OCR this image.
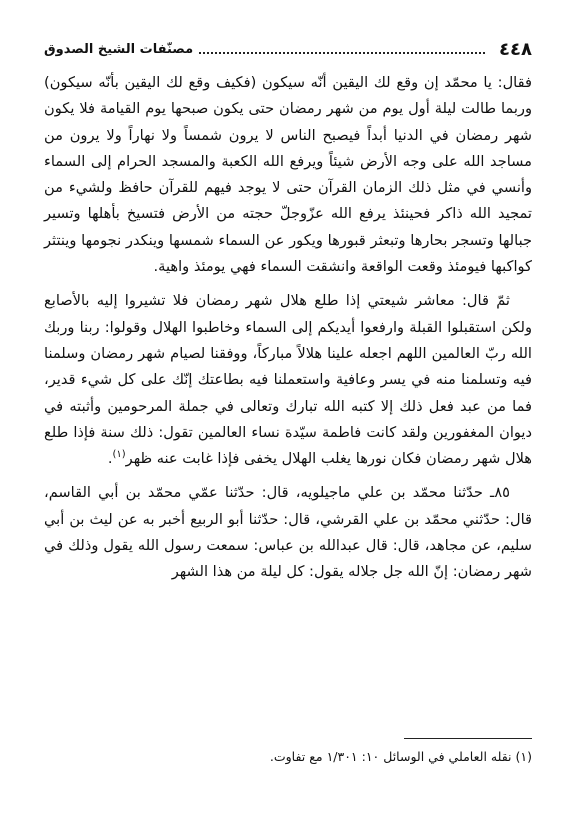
٤٤٨
مصنّفات الشيخ الصدوق

فقال: يا محمّد إن وقع لك اليقين أنّه سيكون (فكيف وقع لك اليقين بأنّه سيكون) وربما طالت ليلة أول يوم من شهر رمضان حتى يكون صبحها يوم القيامة فلا يكون شهر رمضان في الدنيا أبداً فيصبح الناس لا يرون شمساً ولا نهاراً ولا يرون من مساجد الله على وجه الأرض شيئاً ويرفع الله الكعبة والمسجد الحرام إلى السماء وأنسي في مثل ذلك الزمان القرآن حتى لا يوجد فيهم للقرآن حافظ ولشيء من تمجيد الله ذاكر فحينئذ يرفع الله عزّوجلّ حجته من الأرض فتسيخ بأهلها وتسير جبالها وتسجر بحارها وتبعثر قبورها ويكور عن السماء شمسها وينكدر نجومها وينتثر كواكبها فيومئذ وقعت الواقعة وانشقت السماء فهي يومئذ واهية.

ثمّ قال: معاشر شيعتي إذا طلع هلال شهر رمضان فلا تشيروا إليه بالأصابع ولكن استقبلوا القبلة وارفعوا أيديكم إلى السماء وخاطبوا الهلال وقولوا: ربنا وربك الله ربّ العالمين اللهم اجعله علينا هلالاً مباركاً، ووفقنا لصيام شهر رمضان وسلمنا فيه وتسلمنا منه في يسر وعافية واستعملنا فيه بطاعتك إنّك على كل شيء قدير، فما من عبد فعل ذلك إلا كتبه الله تبارك وتعالى في جملة المرحومين وأثبته في ديوان المغفورين ولقد كانت فاطمة سيّدة نساء العالمين تقول: ذلك سنة فإذا طلع هلال شهر رمضان فكان نورها يغلب الهلال يخفى فإذا غابت عنه ظهر$^{(١)}$.

٨٥ـ حدّثنا محمّد بن علي ماجيلويه، قال: حدّثنا عمّي محمّد بن أبي القاسم، قال: حدّثني محمّد بن علي القرشي، قال: حدّثنا أبو الربيع أخبر به عن ليث بن أبي سليم، عن مجاهد، قال: قال عبدالله بن عباس: سمعت رسول الله يقول وذلك في شهر رمضان: إنّ الله جل جلاله يقول: كل ليلة من هذا الشهر

(١) نقله العاملي في الوسائل ١٠: ١/٣٠١ مع تفاوت.
